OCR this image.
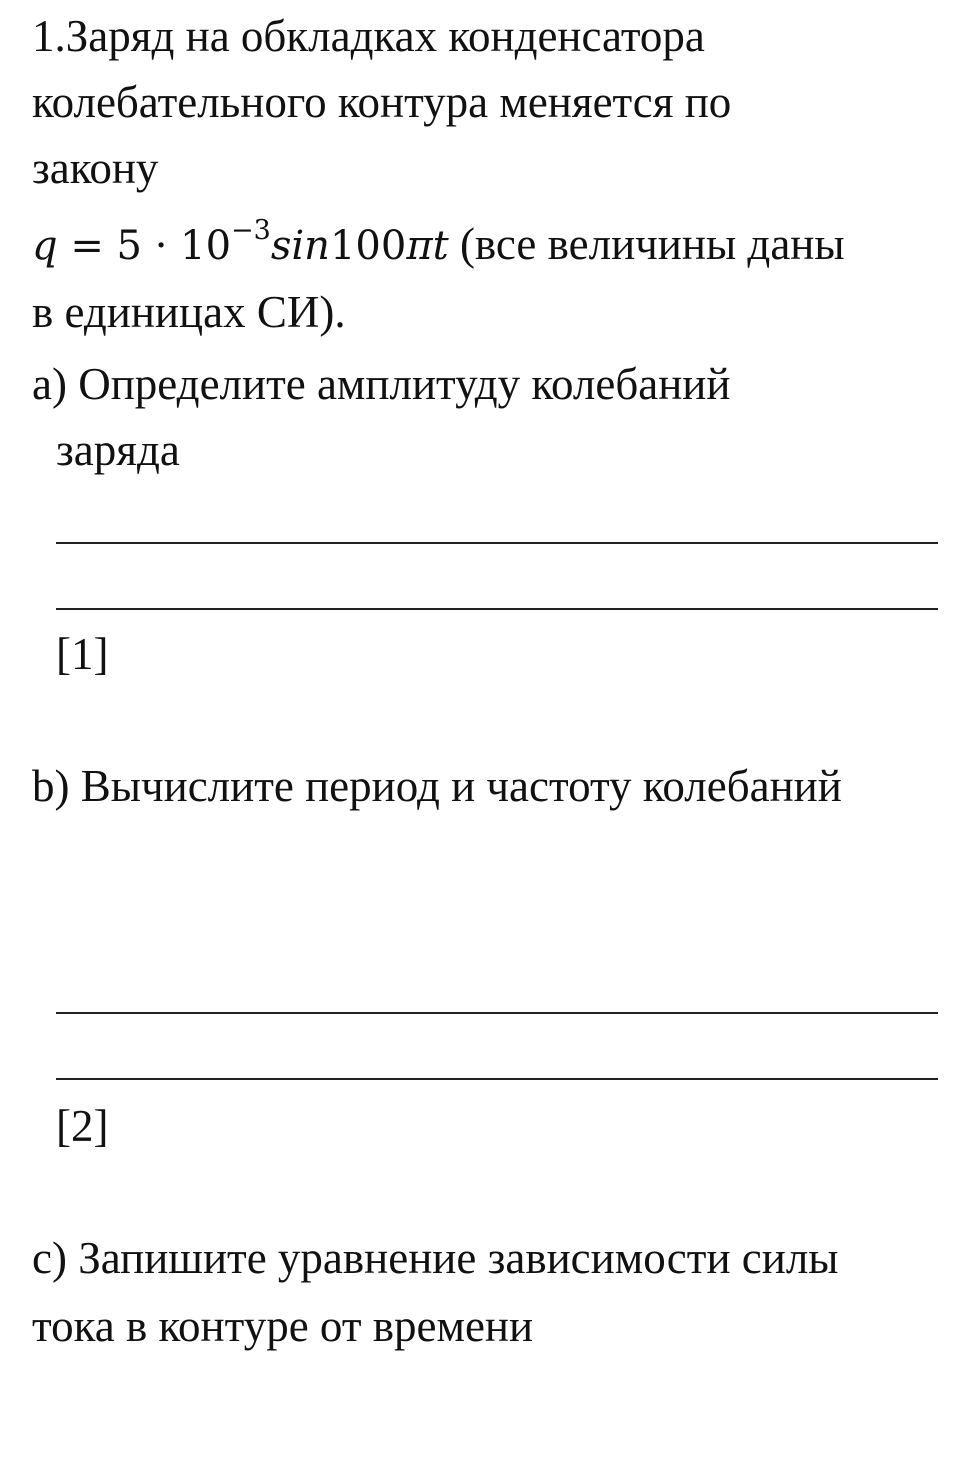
1.Заряд на обкладках конденсатора
колебательного контура меняется по
закону
$q = 5 \cdot 10^{-3}\sin 100\pi t$ (все величины даны
в единицах СИ).
а) Определите амплитуду колебаний
заряда
[1]
b) Вычислите период и частоту колебаний
[2]
с) Запишите уравнение зависимости силы
тока в контуре от времени
